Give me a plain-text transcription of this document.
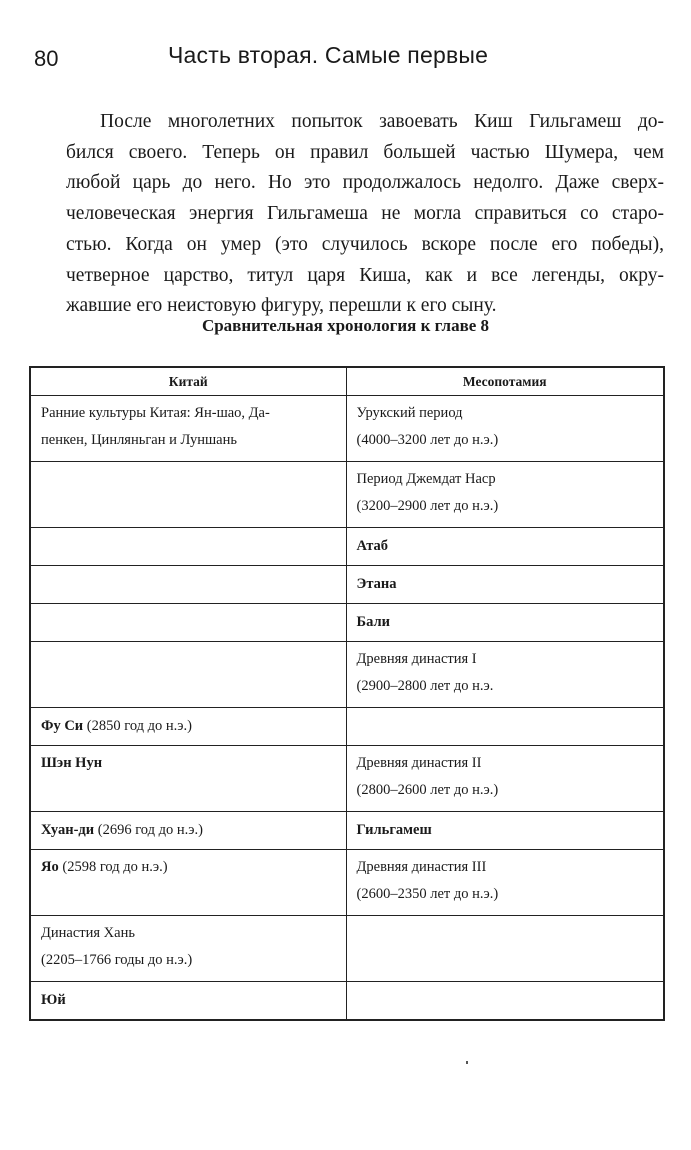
80	Часть вторая. Самые первые

После многолетних попыток завоевать Киш Гильгамеш до-бился своего. Теперь он правил большей частью Шумера, чемлюбой царь до него. Но это продолжалось недолго. Даже сверх-человеческая энергия Гильгамеша не могла справиться со старо-стью. Когда он умер (это случилось вскоре после его победы),четверное царство, титул царя Киша, как и все легенды, окру-жавшие его неистовую фигуру, перешли к его сыну.

Сравнительная хронология к главе 8
Китай	Месопотамия

Ранние культуры Китая: Ян-шао, Да-
пенкен, Цинляньган и Луншань	Урукский период
(4000–3200 лет до н.э.)

	Период Джемдат Наср
(3200–2900 лет до н.э.)

	Атаб

	Этана

	Бали

	Древняя династия I
(2900–2800 лет до н.э.

Фу Си (2850 год до н.э.)	

Шэн Нун	Древняя династия II
(2800–2600 лет до н.э.)

Хуан-ди (2696 год до н.э.)	Гильгамеш

Яо (2598 год до н.э.)	Древняя династия III
(2600–2350 лет до н.э.)

Династия Хань
(2205–1766 годы до н.э.)	

Юй	
